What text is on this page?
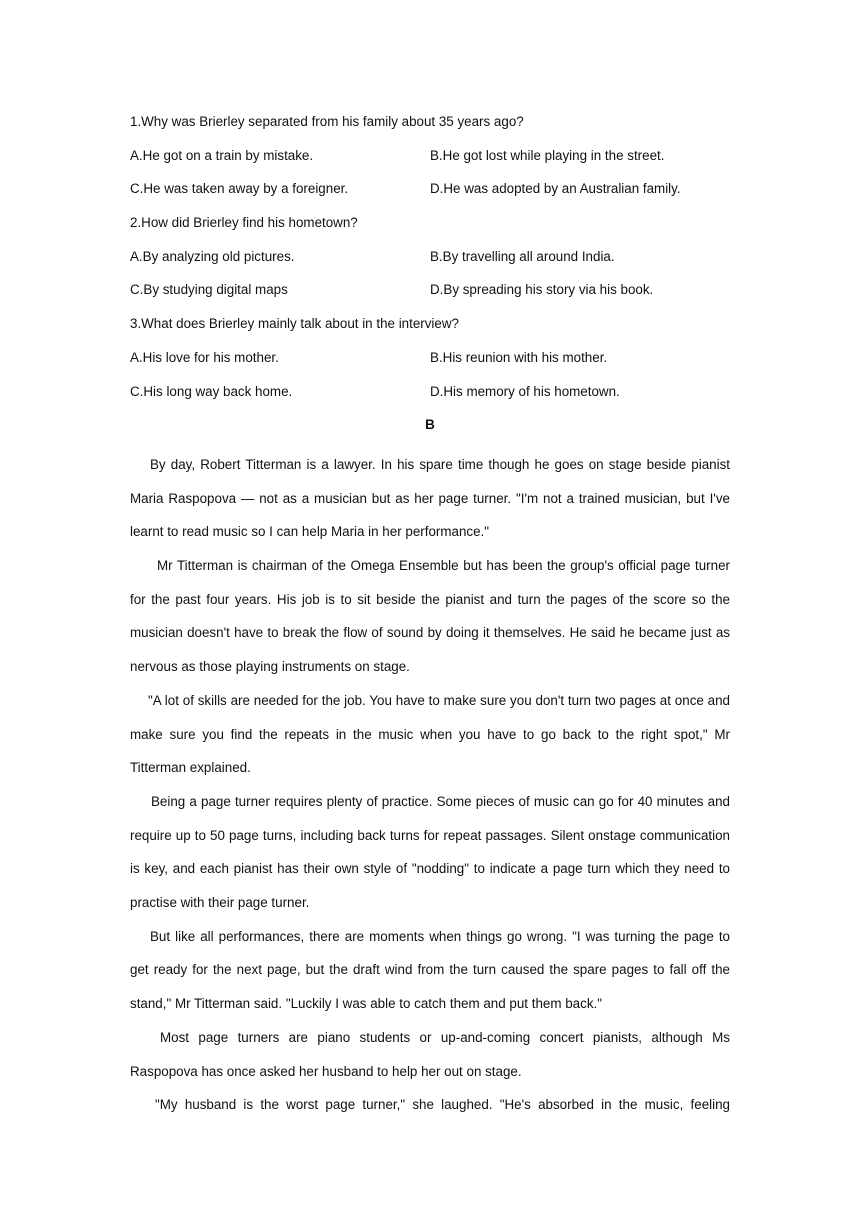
1.Why was Brierley separated from his family about 35 years ago?
A.He got on a train by mistake.	B.He got lost while playing in the street.
C.He was taken away by a foreigner.	D.He was adopted by an Australian family.
2.How did Brierley find his hometown?
A.By analyzing old pictures.	B.By travelling all around India.
C.By studying digital maps	D.By spreading his story via his book.
3.What does Brierley mainly talk about in the interview?
A.His love for his mother.	B.His reunion with his mother.
C.His long way back home.	D.His memory of his hometown.
B

By day, Robert Titterman is a lawyer. In his spare time though he goes on stage beside pianist Maria Raspopova — not as a musician but as her page turner. "I'm not a trained musician, but I've learnt to read music so I can help Maria in her performance."

Mr Titterman is chairman of the Omega Ensemble but has been the group's official page turner for the past four years. His job is to sit beside the pianist and turn the pages of the score so the musician doesn't have to break the flow of sound by doing it themselves. He said he became just as nervous as those playing instruments on stage.

"A lot of skills are needed for the job. You have to make sure you don't turn two pages at once and make sure you find the repeats in the music when you have to go back to the right spot," Mr Titterman explained.

Being a page turner requires plenty of practice. Some pieces of music can go for 40 minutes and require up to 50 page turns, including back turns for repeat passages. Silent onstage communication is key, and each pianist has their own style of "nodding" to indicate a page turn which they need to practise with their page turner.

But like all performances, there are moments when things go wrong. "I was turning the page to get ready for the next page, but the draft wind from the turn caused the spare pages to fall off the stand," Mr Titterman said. "Luckily I was able to catch them and put them back."

Most page turners are piano students or up-and-coming concert pianists, although Ms Raspopova has once asked her husband to help her out on stage.

"My husband is the worst page turner," she laughed. "He's absorbed in the music, feeling
